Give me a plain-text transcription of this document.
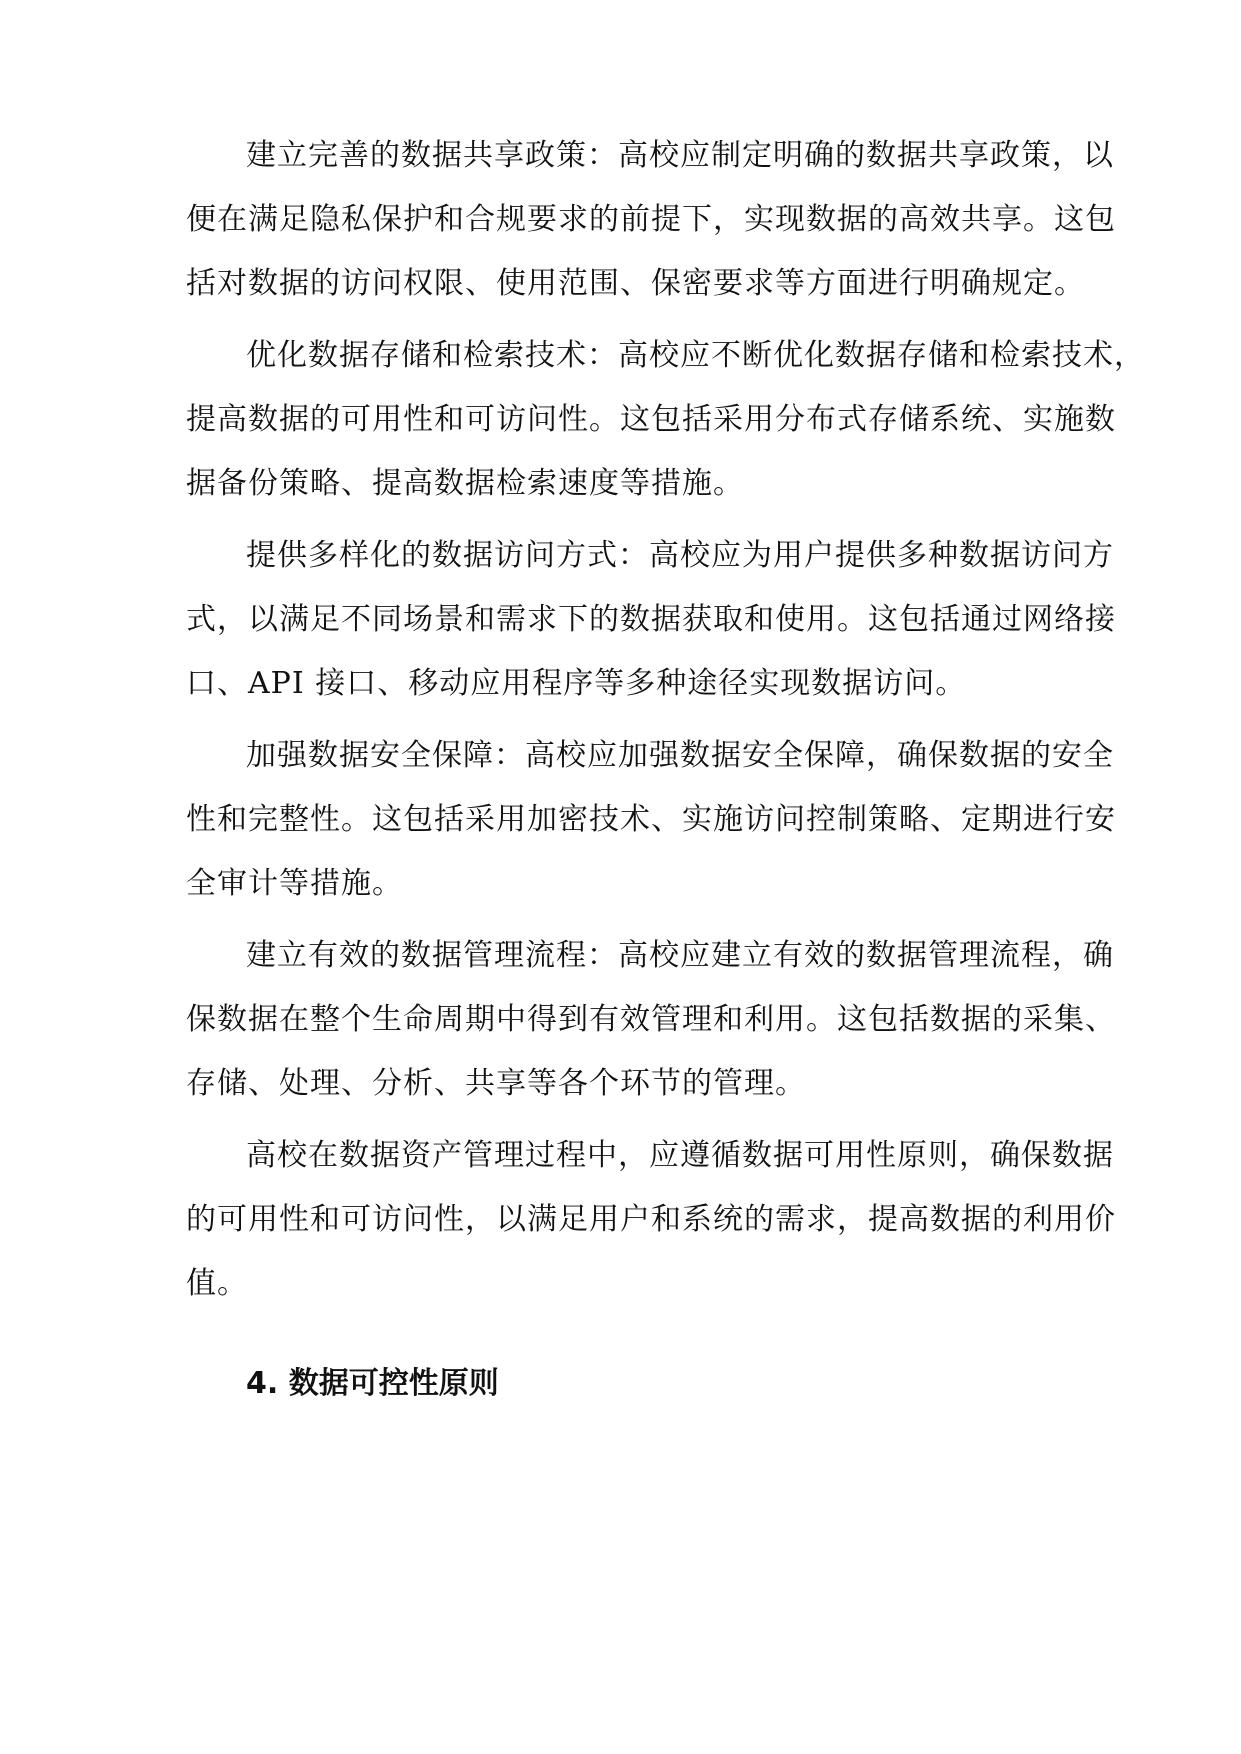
建立完善的数据共享政策：高校应制定明确的数据共享政策，以
便在满足隐私保护和合规要求的前提下，实现数据的高效共享。这包
括对数据的访问权限、使用范围、保密要求等方面进行明确规定。
优化数据存储和检索技术：高校应不断优化数据存储和检索技术，
提高数据的可用性和可访问性。这包括采用分布式存储系统、实施数
据备份策略、提高数据检索速度等措施。
提供多样化的数据访问方式：高校应为用户提供多种数据访问方
式，以满足不同场景和需求下的数据获取和使用。这包括通过网络接
口、API 接口、移动应用程序等多种途径实现数据访问。
加强数据安全保障：高校应加强数据安全保障，确保数据的安全
性和完整性。这包括采用加密技术、实施访问控制策略、定期进行安
全审计等措施。
建立有效的数据管理流程：高校应建立有效的数据管理流程，确
保数据在整个生命周期中得到有效管理和利用。这包括数据的采集、
存储、处理、分析、共享等各个环节的管理。
高校在数据资产管理过程中，应遵循数据可用性原则，确保数据
的可用性和可访问性，以满足用户和系统的需求，提高数据的利用价
值。
4. 数据可控性原则
